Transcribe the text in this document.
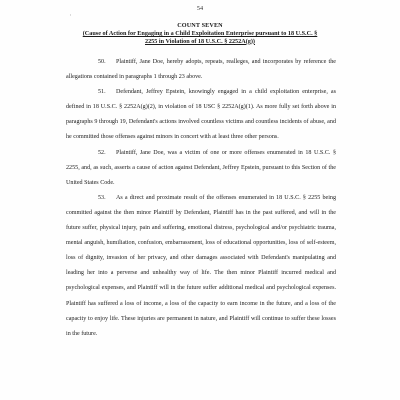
'
54
COUNT SEVEN
(Cause of Action for Engaging in a Child Exploitation Enterprise pursuant to 18 U.S.C. § 2255 in Violation of 18 U.S.C. § 2252A(g))

50. Plaintiff, Jane Doe, hereby adopts, repeats, realleges, and incorporates by reference the allegations contained in paragraphs 1 through 23 above.

51. Defendant, Jeffrey Epstein, knowingly engaged in a child exploitation enterprise, as defined in 18 U.S.C. § 2252A(g)(2), in violation of 18 USC § 2252A(g)(1). As more fully set forth above in paragraphs 9 through 19, Defendant's actions involved countless victims and countless incidents of abuse, and he committed those offenses against minors in concert with at least three other persons.

52. Plaintiff, Jane Doe, was a victim of one or more offenses enumerated in 18 U.S.C. § 2255, and, as such, asserts a cause of action against Defendant, Jeffrey Epstein, pursuant to this Section of the United States Code.

53. As a direct and proximate result of the offenses enumerated in 18 U.S.C. § 2255 being committed against the then minor Plaintiff by Defendant, Plaintiff has in the past suffered, and will in the future suffer, physical injury, pain and suffering, emotional distress, psychological and/or psychiatric trauma, mental anguish, humiliation, confusion, embarrassment, loss of educational opportunities, loss of self-esteem, loss of dignity, invasion of her privacy, and other damages associated with Defendant's manipulating and leading her into a perverse and unhealthy way of life. The then minor Plaintiff incurred medical and psychological expenses, and Plaintiff will in the future suffer additional medical and psychological expenses. Plaintiff has suffered a loss of income, a loss of the capacity to earn income in the future, and a loss of the capacity to enjoy life. These injuries are permanent in nature, and Plaintiff will continue to suffer these losses in the future.
